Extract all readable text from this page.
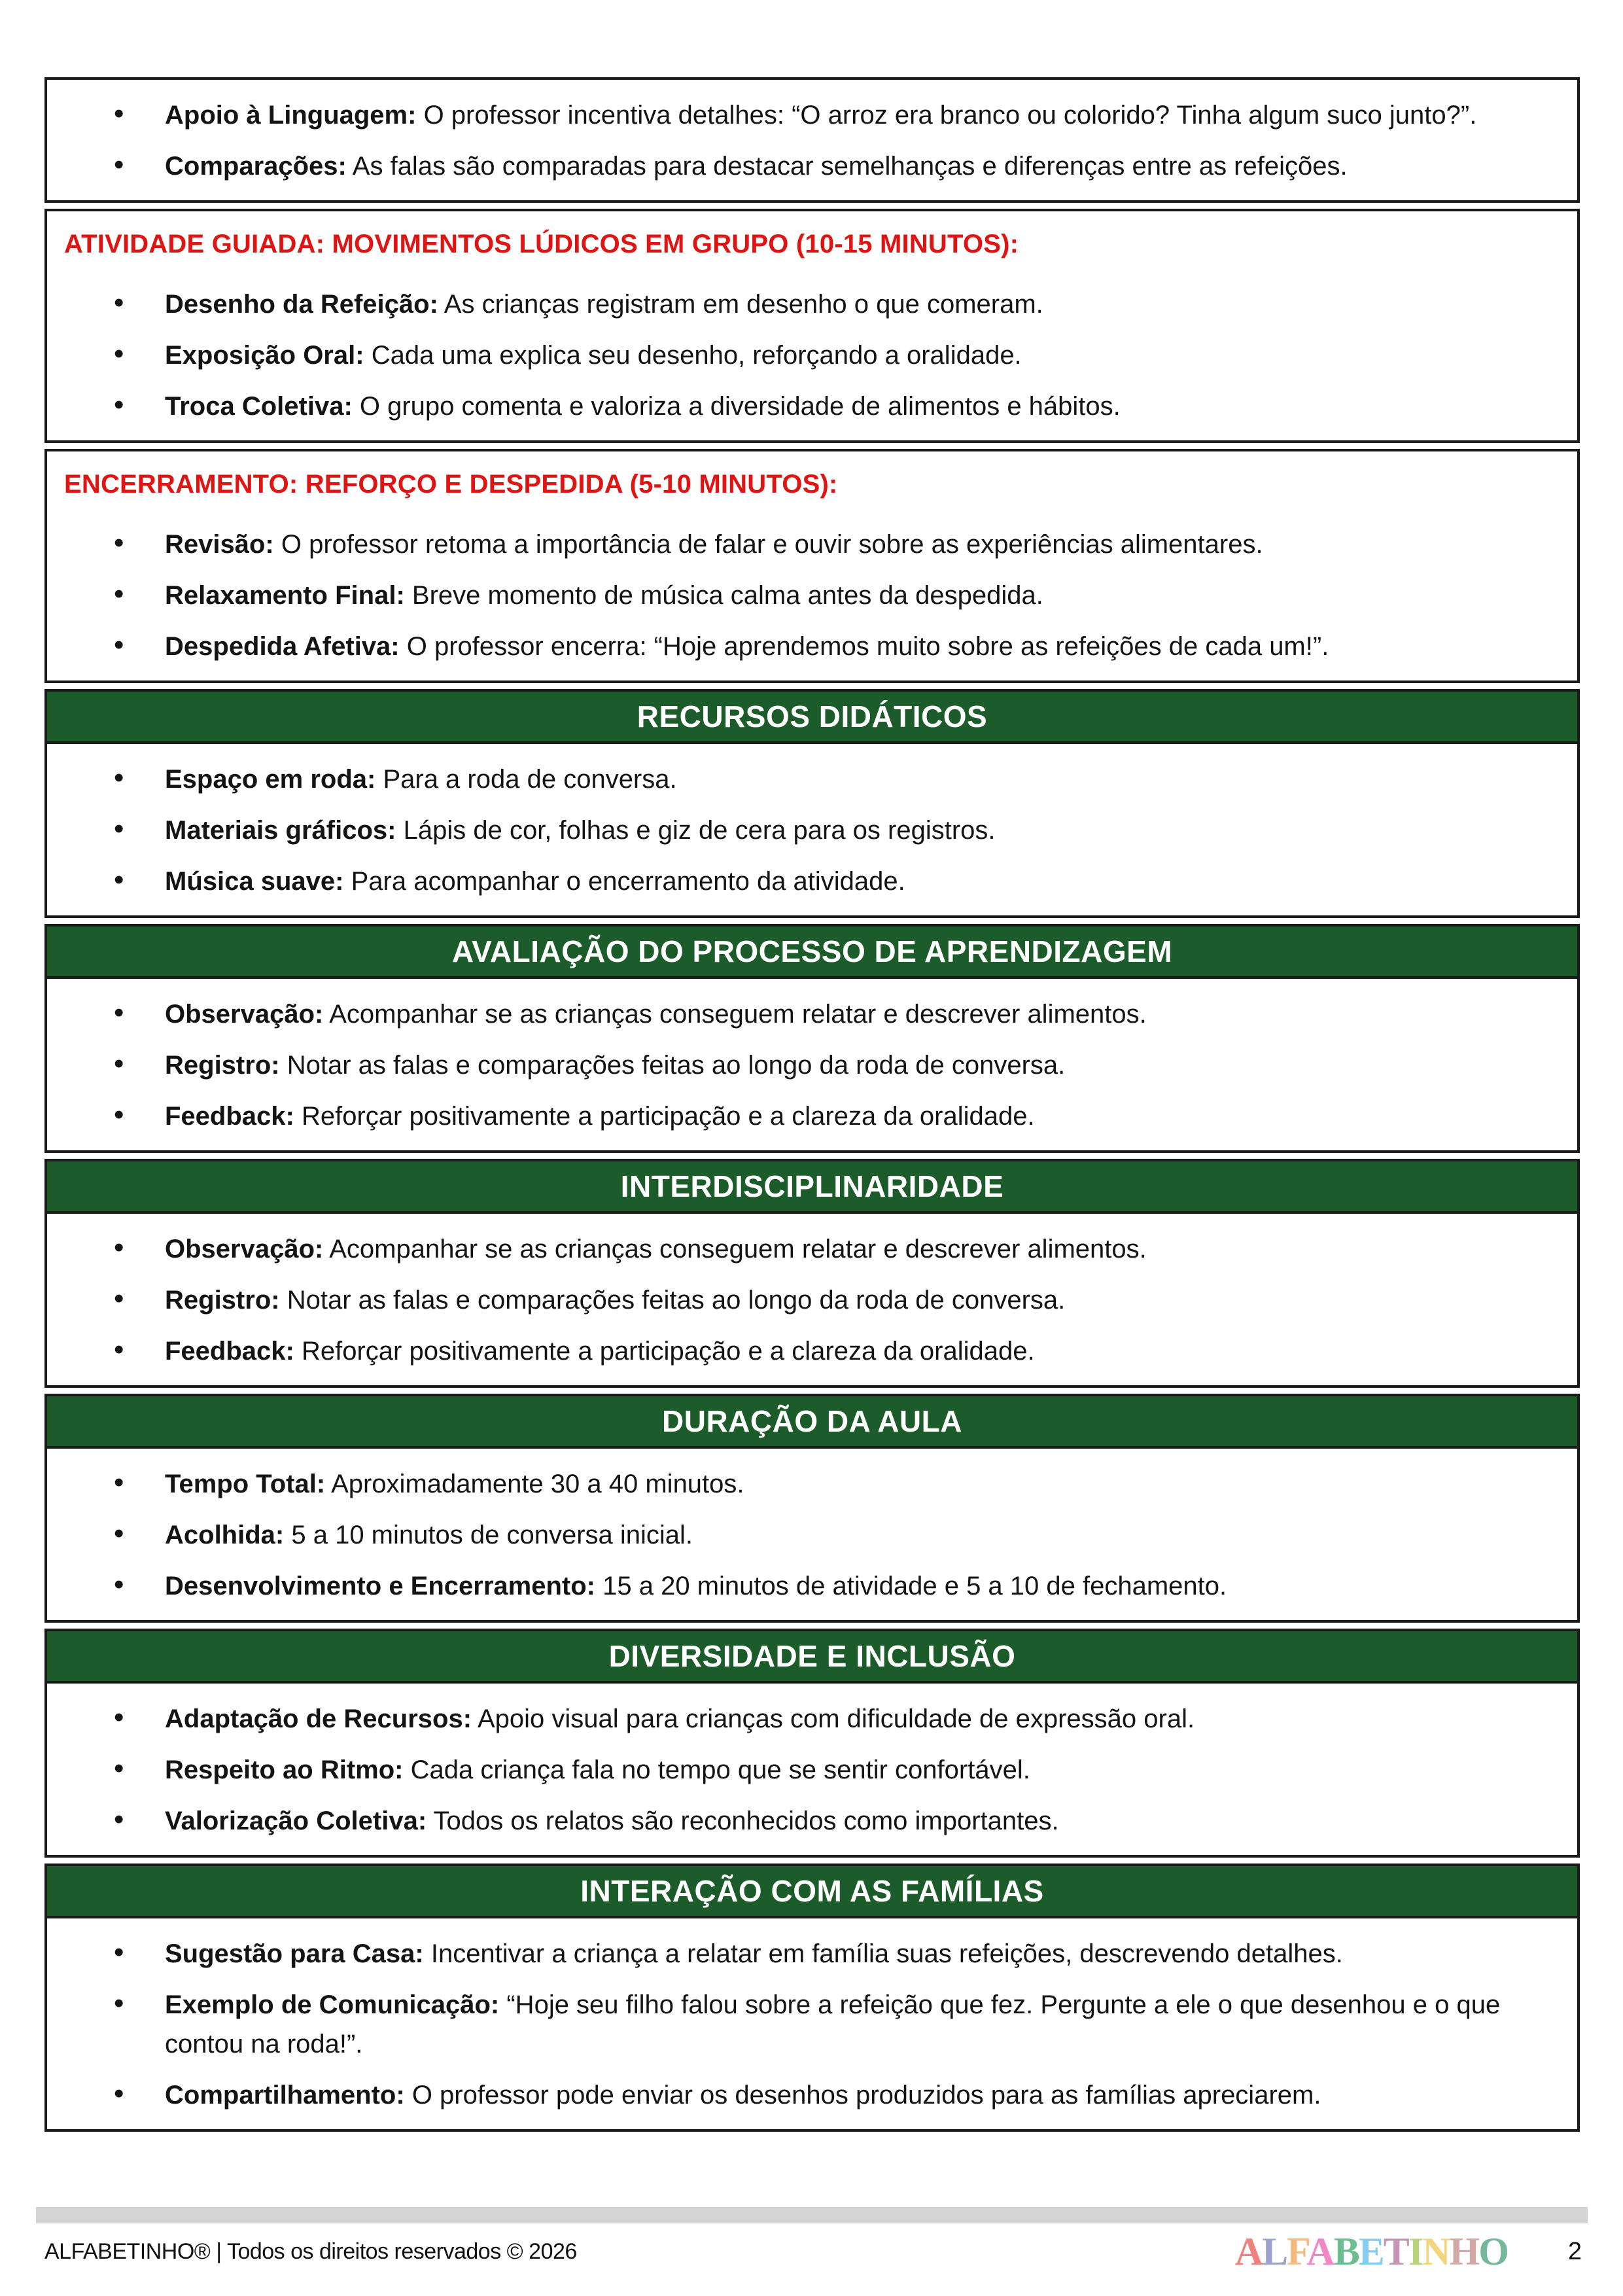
• Apoio à Linguagem: O professor incentiva detalhes: “O arroz era branco ou colorido? Tinha algum suco junto?”.
• Comparações: As falas são comparadas para destacar semelhanças e diferenças entre as refeições.
ATIVIDADE GUIADA: MOVIMENTOS LÚDICOS EM GRUPO (10-15 MINUTOS):
• Desenho da Refeição: As crianças registram em desenho o que comeram.
• Exposição Oral: Cada uma explica seu desenho, reforçando a oralidade.
• Troca Coletiva: O grupo comenta e valoriza a diversidade de alimentos e hábitos.
ENCERRAMENTO: REFORÇO E DESPEDIDA (5-10 MINUTOS):
• Revisão: O professor retoma a importância de falar e ouvir sobre as experiências alimentares.
• Relaxamento Final: Breve momento de música calma antes da despedida.
• Despedida Afetiva: O professor encerra: “Hoje aprendemos muito sobre as refeições de cada um!”.
RECURSOS DIDÁTICOS
• Espaço em roda: Para a roda de conversa.
• Materiais gráficos: Lápis de cor, folhas e giz de cera para os registros.
• Música suave: Para acompanhar o encerramento da atividade.
AVALIAÇÃO DO PROCESSO DE APRENDIZAGEM
• Observação: Acompanhar se as crianças conseguem relatar e descrever alimentos.
• Registro: Notar as falas e comparações feitas ao longo da roda de conversa.
• Feedback: Reforçar positivamente a participação e a clareza da oralidade.
INTERDISCIPLINARIDADE
• Observação: Acompanhar se as crianças conseguem relatar e descrever alimentos.
• Registro: Notar as falas e comparações feitas ao longo da roda de conversa.
• Feedback: Reforçar positivamente a participação e a clareza da oralidade.
DURAÇÃO DA AULA
• Tempo Total: Aproximadamente 30 a 40 minutos.
• Acolhida: 5 a 10 minutos de conversa inicial.
• Desenvolvimento e Encerramento: 15 a 20 minutos de atividade e 5 a 10 de fechamento.
DIVERSIDADE E INCLUSÃO
• Adaptação de Recursos: Apoio visual para crianças com dificuldade de expressão oral.
• Respeito ao Ritmo: Cada criança fala no tempo que se sentir confortável.
• Valorização Coletiva: Todos os relatos são reconhecidos como importantes.
INTERAÇÃO COM AS FAMÍLIAS
• Sugestão para Casa: Incentivar a criança a relatar em família suas refeições, descrevendo detalhes.
• Exemplo de Comunicação: “Hoje seu filho falou sobre a refeição que fez. Pergunte a ele o que desenhou e o que contou na roda!”.
• Compartilhamento: O professor pode enviar os desenhos produzidos para as famílias apreciarem.
ALFABETINHO® | Todos os direitos reservados © 2026	ALFABETINHO 2
